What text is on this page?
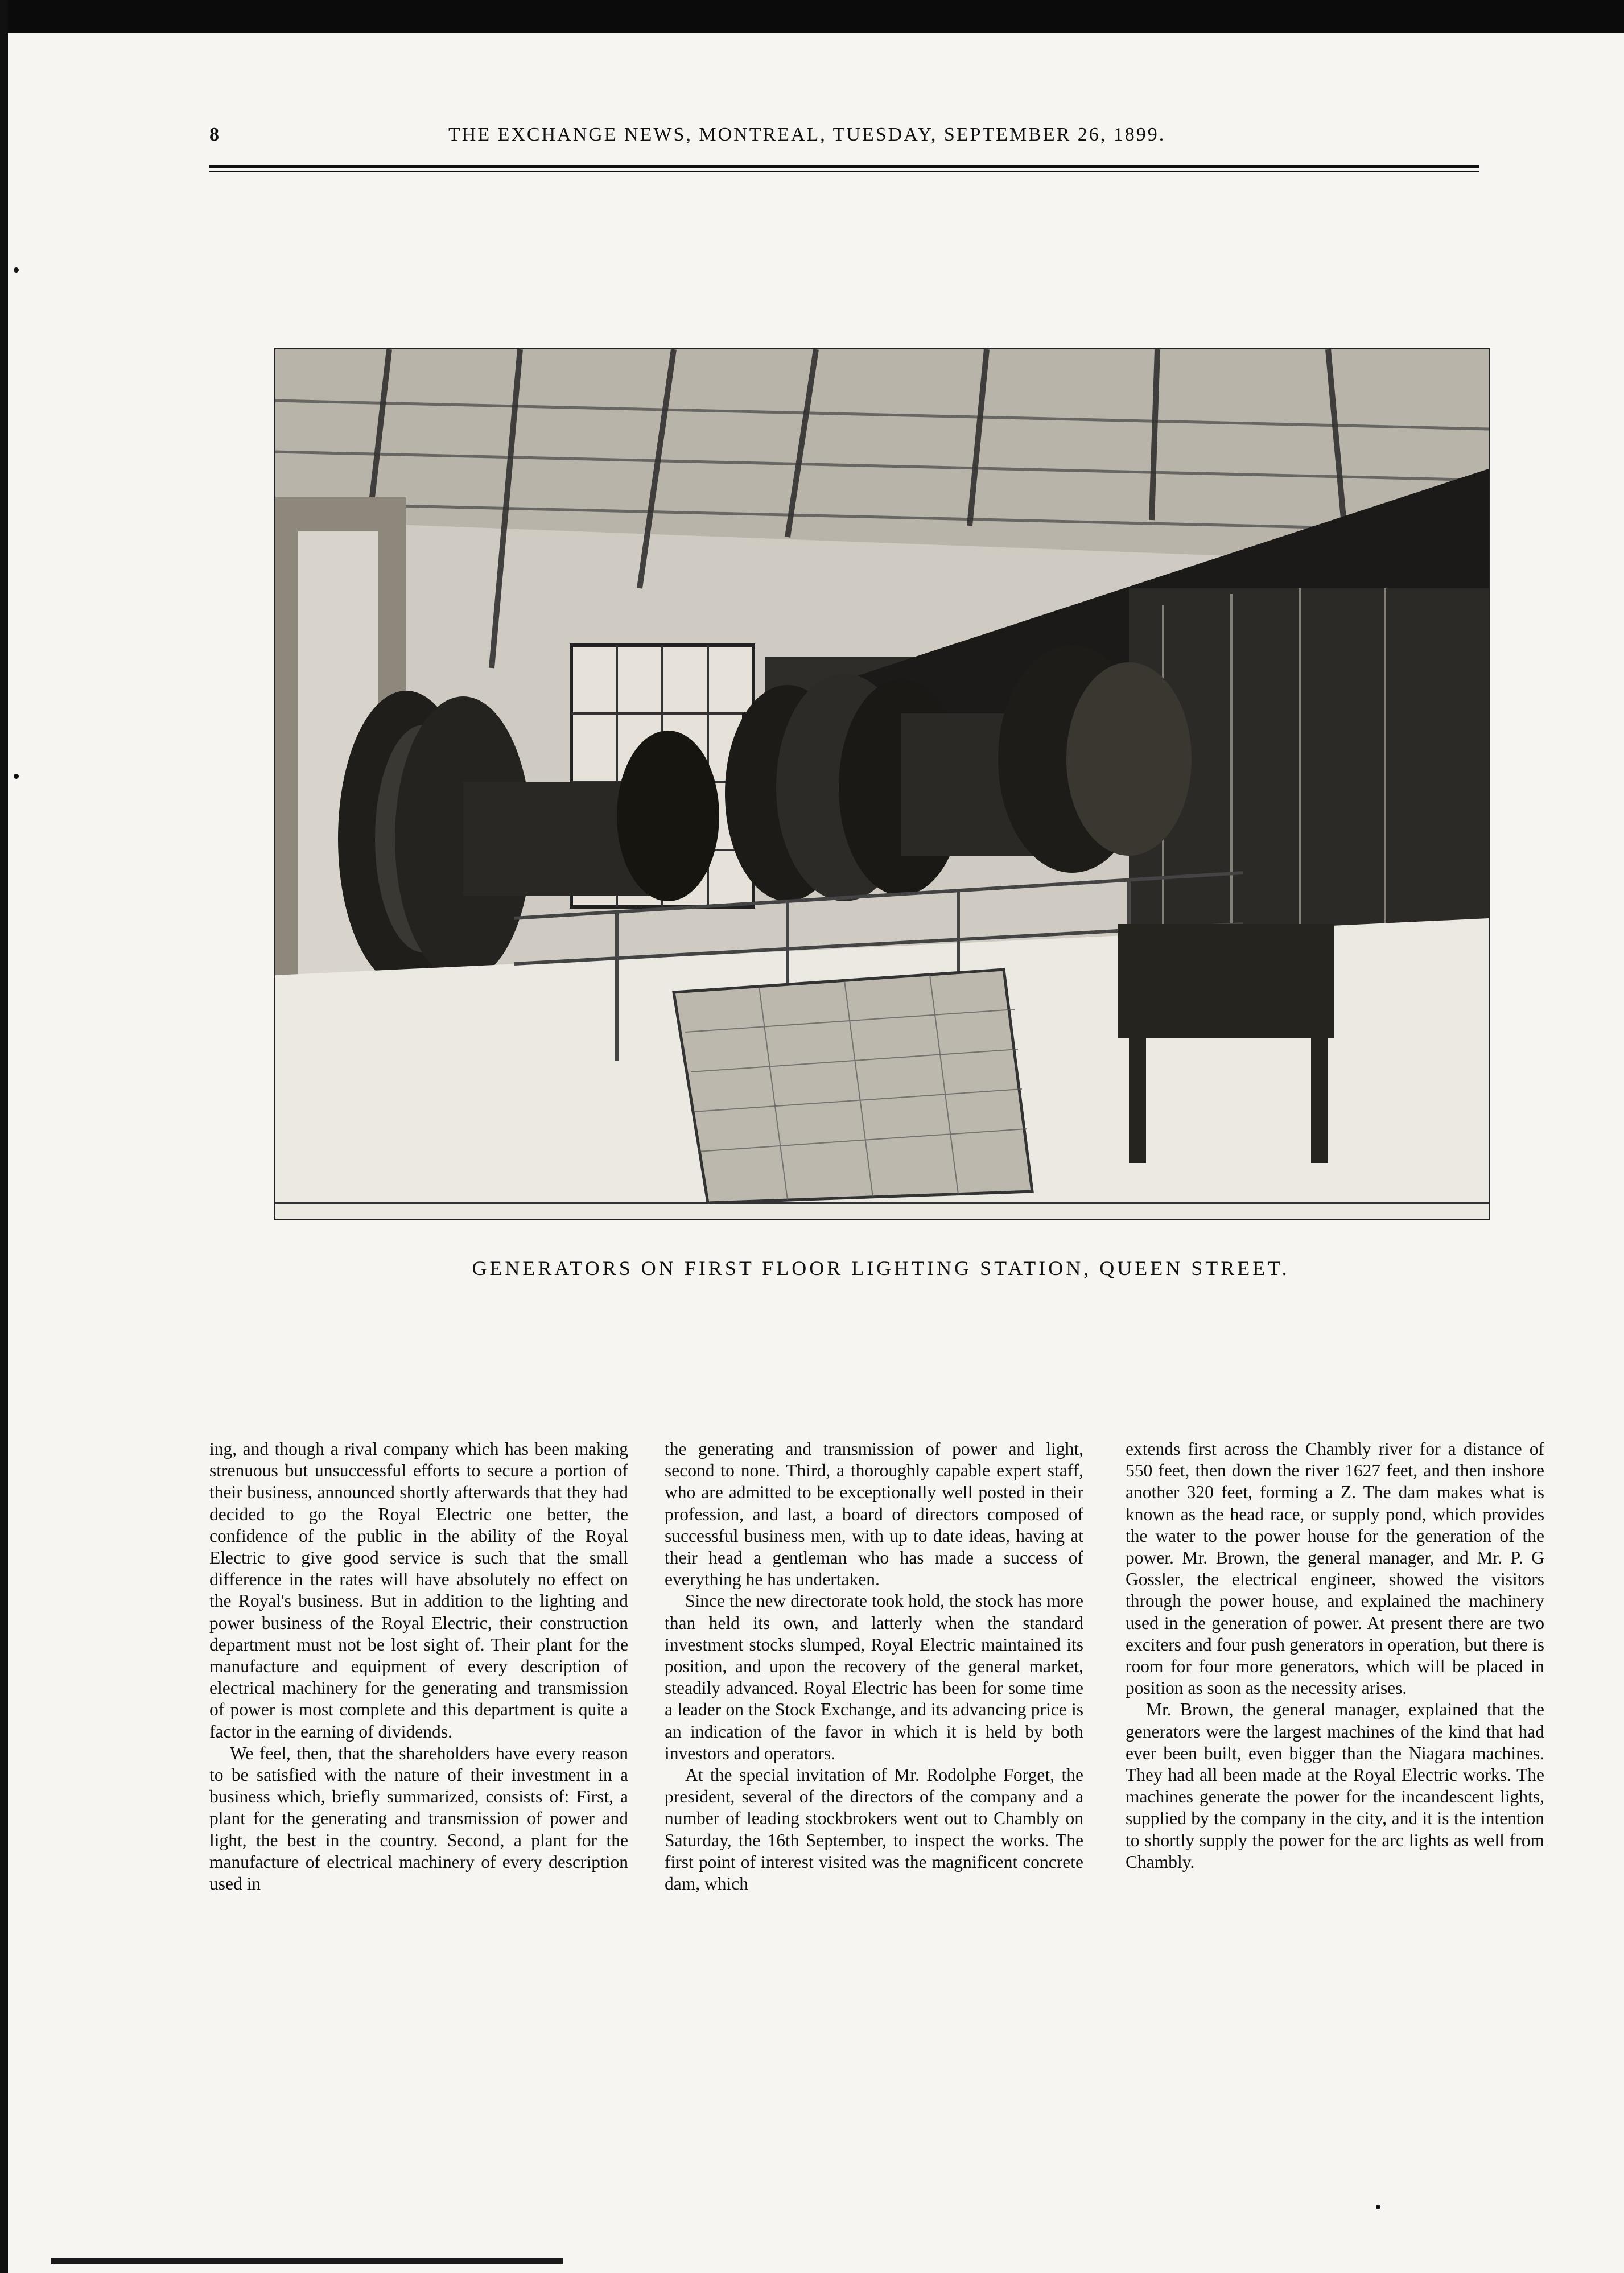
8	THE EXCHANGE NEWS, MONTREAL, TUESDAY, SEPTEMBER 26, 1899.
GENERATORS ON FIRST FLOOR LIGHTING STATION, QUEEN STREET.

ing, and though a rival company which has been making strenuous but unsuccessful efforts to secure a portion of their business, announced shortly afterwards that they had decided to go the Royal Electric one better, the confidence of the public in the ability of the Royal Electric to give good service is such that the small difference in the rates will have absolutely no effect on the Royal's business. But in addition to the lighting and power business of the Royal Electric, their construction department must not be lost sight of. Their plant for the manufacture and equipment of every description of electrical machinery for the generating and transmission of power is most complete and this department is quite a factor in the earning of dividends.

We feel, then, that the shareholders have every reason to be satisfied with the nature of their investment in a business which, briefly summarized, consists of: First, a plant for the generating and transmission of power and light, the best in the country. Second, a plant for the manufacture of electrical machinery of every description used in

the generating and transmission of power and light, second to none. Third, a thoroughly capable expert staff, who are admitted to be exceptionally well posted in their profession, and last, a board of directors composed of successful business men, with up to date ideas, having at their head a gentleman who has made a success of everything he has undertaken.

Since the new directorate took hold, the stock has more than held its own, and latterly when the standard investment stocks slumped, Royal Electric maintained its position, and upon the recovery of the general market, steadily advanced. Royal Electric has been for some time a leader on the Stock Exchange, and its advancing price is an indication of the favor in which it is held by both investors and operators.

At the special invitation of Mr. Rodolphe Forget, the president, several of the directors of the company and a number of leading stockbrokers went out to Chambly on Saturday, the 16th September, to inspect the works. The first point of interest visited was the magnificent concrete dam, which

extends first across the Chambly river for a distance of 550 feet, then down the river 1627 feet, and then inshore another 320 feet, forming a Z. The dam makes what is known as the head race, or supply pond, which provides the water to the power house for the generation of the power. Mr. Brown, the general manager, and Mr. P. G Gossler, the electrical engineer, showed the visitors through the power house, and explained the machinery used in the generation of power. At present there are two exciters and four push generators in operation, but there is room for four more generators, which will be placed in position as soon as the necessity arises.

Mr. Brown, the general manager, explained that the generators were the largest machines of the kind that had ever been built, even bigger than the Niagara machines. They had all been made at the Royal Electric works. The machines generate the power for the incandescent lights, supplied by the company in the city, and it is the intention to shortly supply the power for the arc lights as well from Chambly.
